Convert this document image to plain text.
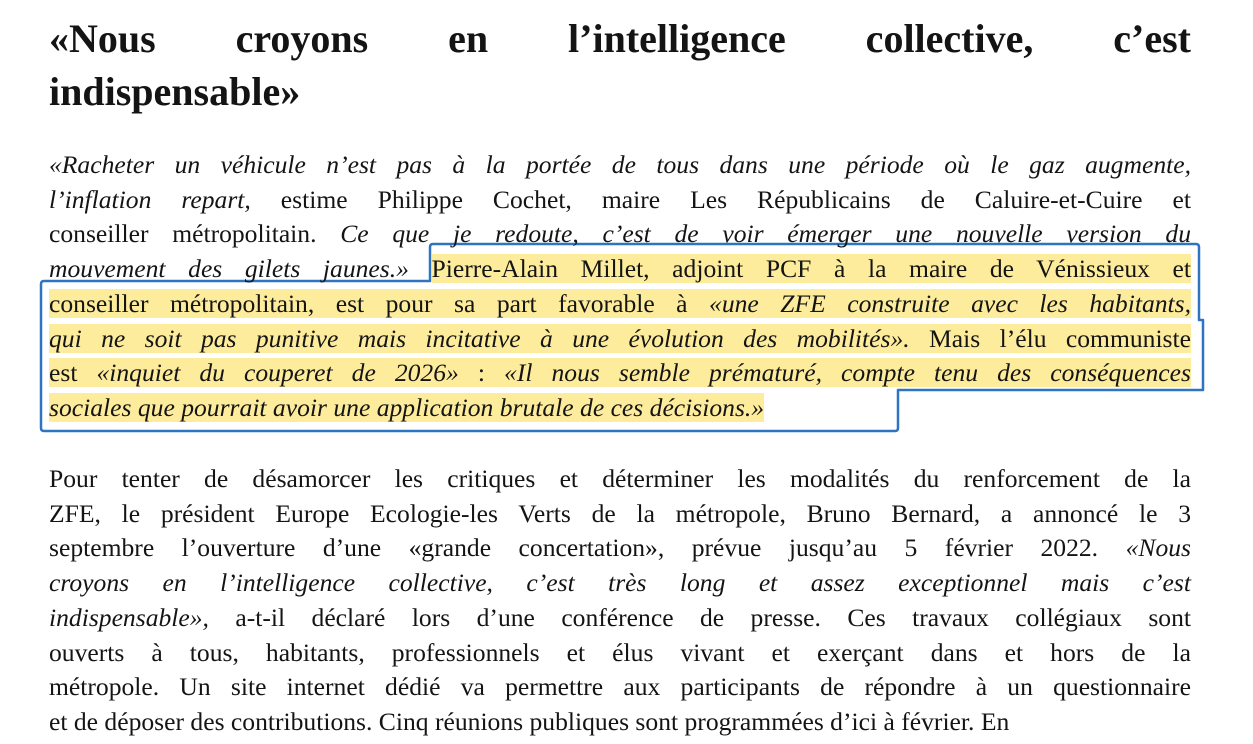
«Nous croyons en l’intelligence collective, c’est
indispensable»
«Racheter un véhicule n’est pas à la portée de tous dans une période où le gaz augmente,
l’inflation repart, estime Philippe Cochet, maire Les Républicains de Caluire-et-Cuire et
conseiller métropolitain. Ce que je redoute, c’est de voir émerger une nouvelle version du
mouvement des gilets jaunes.» Pierre-Alain Millet, adjoint PCF à la maire de Vénissieux et
conseiller métropolitain, est pour sa part favorable à «une ZFE construite avec les habitants,
qui ne soit pas punitive mais incitative à une évolution des mobilités». Mais l’élu communiste
est «inquiet du couperet de 2026» : «Il nous semble prématuré, compte tenu des conséquences
sociales que pourrait avoir une application brutale de ces décisions.»
Pour tenter de désamorcer les critiques et déterminer les modalités du renforcement de la
ZFE, le président Europe Ecologie-les Verts de la métropole, Bruno Bernard, a annoncé le 3
septembre l’ouverture d’une «grande concertation», prévue jusqu’au 5 février 2022. «Nous
croyons en l’intelligence collective, c’est très long et assez exceptionnel mais c’est
indispensable», a-t-il déclaré lors d’une conférence de presse. Ces travaux collégiaux sont
ouverts à tous, habitants, professionnels et élus vivant et exerçant dans et hors de la
métropole. Un site internet dédié va permettre aux participants de répondre à un questionnaire
et de déposer des contributions. Cinq réunions publiques sont programmées d’ici à février. En
